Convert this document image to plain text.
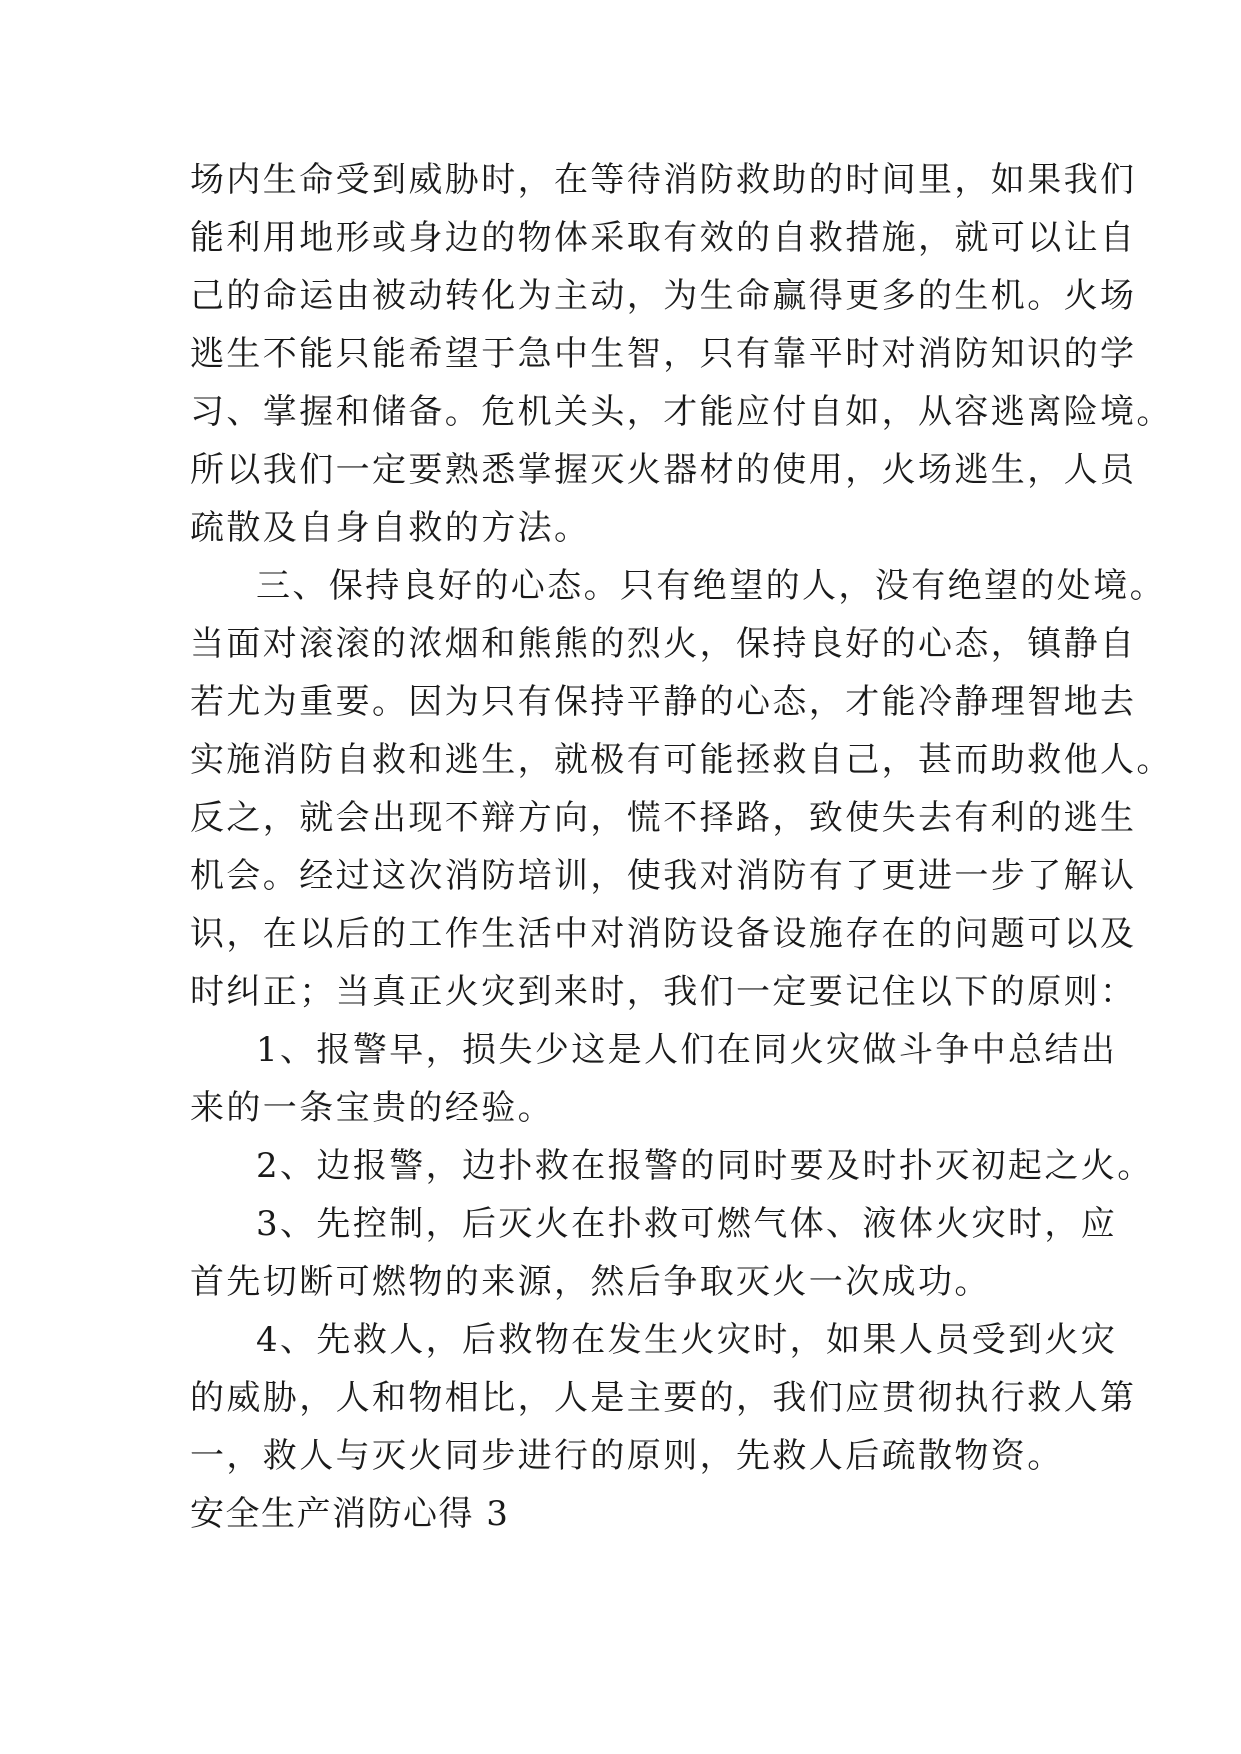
场内生命受到威胁时，在等待消防救助的时间里，如果我们
能利用地形或身边的物体采取有效的自救措施，就可以让自
己的命运由被动转化为主动，为生命赢得更多的生机。火场
逃生不能只能希望于急中生智，只有靠平时对消防知识的学
习、掌握和储备。危机关头，才能应付自如，从容逃离险境。
所以我们一定要熟悉掌握灭火器材的使用，火场逃生，人员
疏散及自身自救的方法。
三、保持良好的心态。只有绝望的人，没有绝望的处境。
当面对滚滚的浓烟和熊熊的烈火，保持良好的心态，镇静自
若尤为重要。因为只有保持平静的心态，才能冷静理智地去
实施消防自救和逃生，就极有可能拯救自己，甚而助救他人。
反之，就会出现不辩方向，慌不择路，致使失去有利的逃生
机会。经过这次消防培训，使我对消防有了更进一步了解认
识，在以后的工作生活中对消防设备设施存在的问题可以及
时纠正；当真正火灾到来时，我们一定要记住以下的原则：
1、报警早，损失少这是人们在同火灾做斗争中总结出
来的一条宝贵的经验。
2、边报警，边扑救在报警的同时要及时扑灭初起之火。
3、先控制，后灭火在扑救可燃气体、液体火灾时，应
首先切断可燃物的来源，然后争取灭火一次成功。
4、先救人，后救物在发生火灾时，如果人员受到火灾
的威胁，人和物相比，人是主要的，我们应贯彻执行救人第
一，救人与灭火同步进行的原则，先救人后疏散物资。
安全生产消防心得 3
